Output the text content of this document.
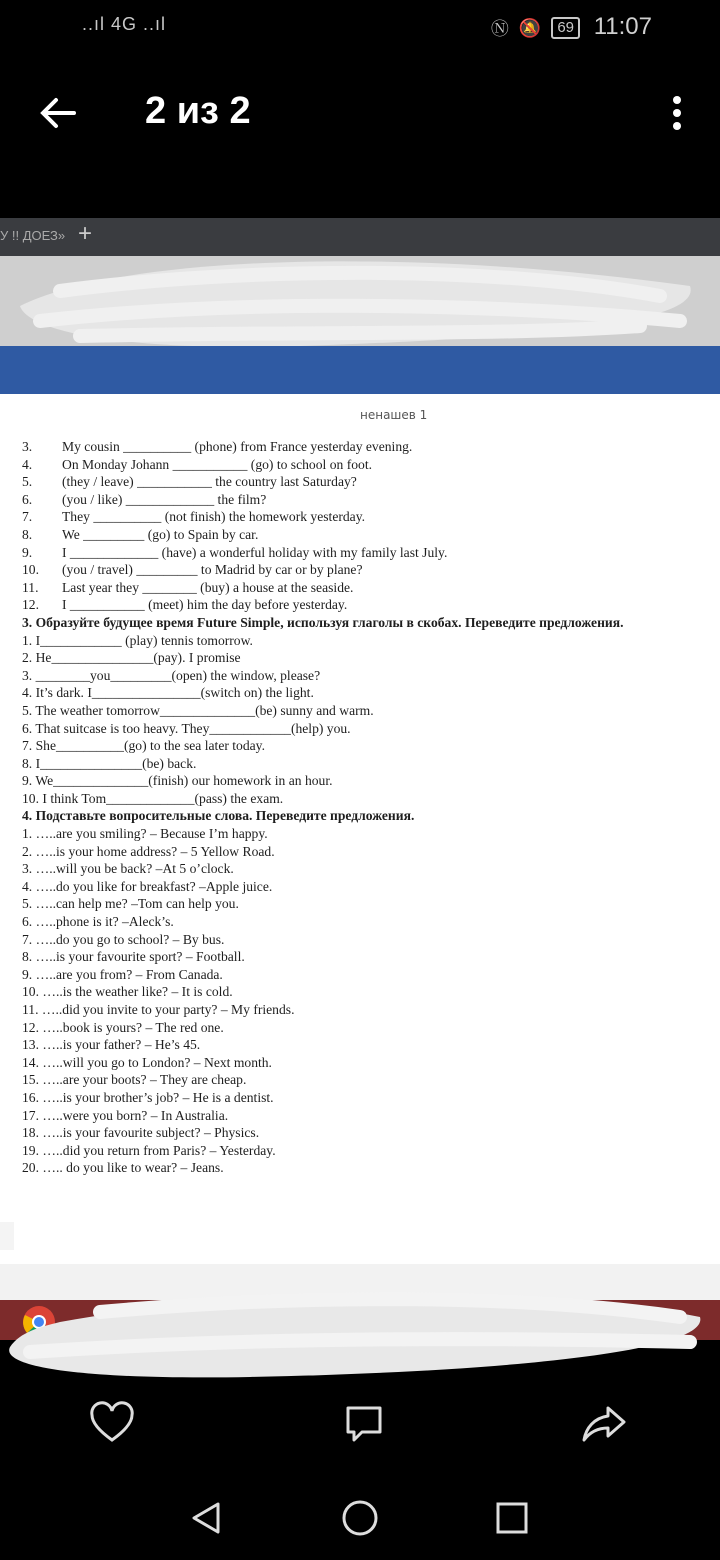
..ıl 4G ..ıl	Ⓝ 🔕	69 11:07
2 из 2
У !! ДОЕЗ» +
ненашев 1
3. My cousin __________ (phone) from France yesterday evening.
4. On Monday Johann ___________ (go) to school on foot.
5. (they / leave) ___________ the country last Saturday?
6. (you / like) _____________ the film?
7. They __________ (not finish) the homework yesterday.
8. We _________ (go) to Spain by car.
9. I _____________ (have) a wonderful holiday with my family last July.
10. (you / travel) _________ to Madrid by car or by plane?
11. Last year they ________ (buy) a house at the seaside.
12. I ___________ (meet) him the day before yesterday.
3. Образуйте будущее время Future Simple, используя глаголы в скобах. Переведите предложения.
1. I____________ (play) tennis tomorrow.
2. He_______________(pay). I promise
3. ________you_________(open) the window, please?
4. It’s dark. I________________(switch on) the light.
5. The weather tomorrow______________(be) sunny and warm.
6. That suitcase is too heavy. They____________(help) you.
7. She__________(go) to the sea later today.
8. I_______________(be) back.
9. We______________(finish) our homework in an hour.
10. I think Tom_____________(pass) the exam.
4. Подставьте вопросительные слова. Переведите предложения.
1. …..are you smiling? – Because I’m happy.
2. …..is your home address? – 5 Yellow Road.
3. …..will you be back? –At 5 o’clock.
4. …..do you like for breakfast? –Apple juice.
5. …..can help me? –Tom can help you.
6. …..phone is it? –Aleck’s.
7. …..do you go to school? – By bus.
8. …..is your favourite sport? – Football.
9. …..are you from? – From Canada.
10. …..is the weather like? – It is cold.
11. …..did you invite to your party? – My friends.
12. …..book is yours? – The red one.
13. …..is your father? – He’s 45.
14. …..will you go to London? – Next month.
15. …..are your boots? – They are cheap.
16. …..is your brother’s job? – He is a dentist.
17. …..were you born? – In Australia.
18. …..is your favourite subject? – Physics.
19. …..did you return from Paris? – Yesterday.
20. ….. do you like to wear? – Jeans.
